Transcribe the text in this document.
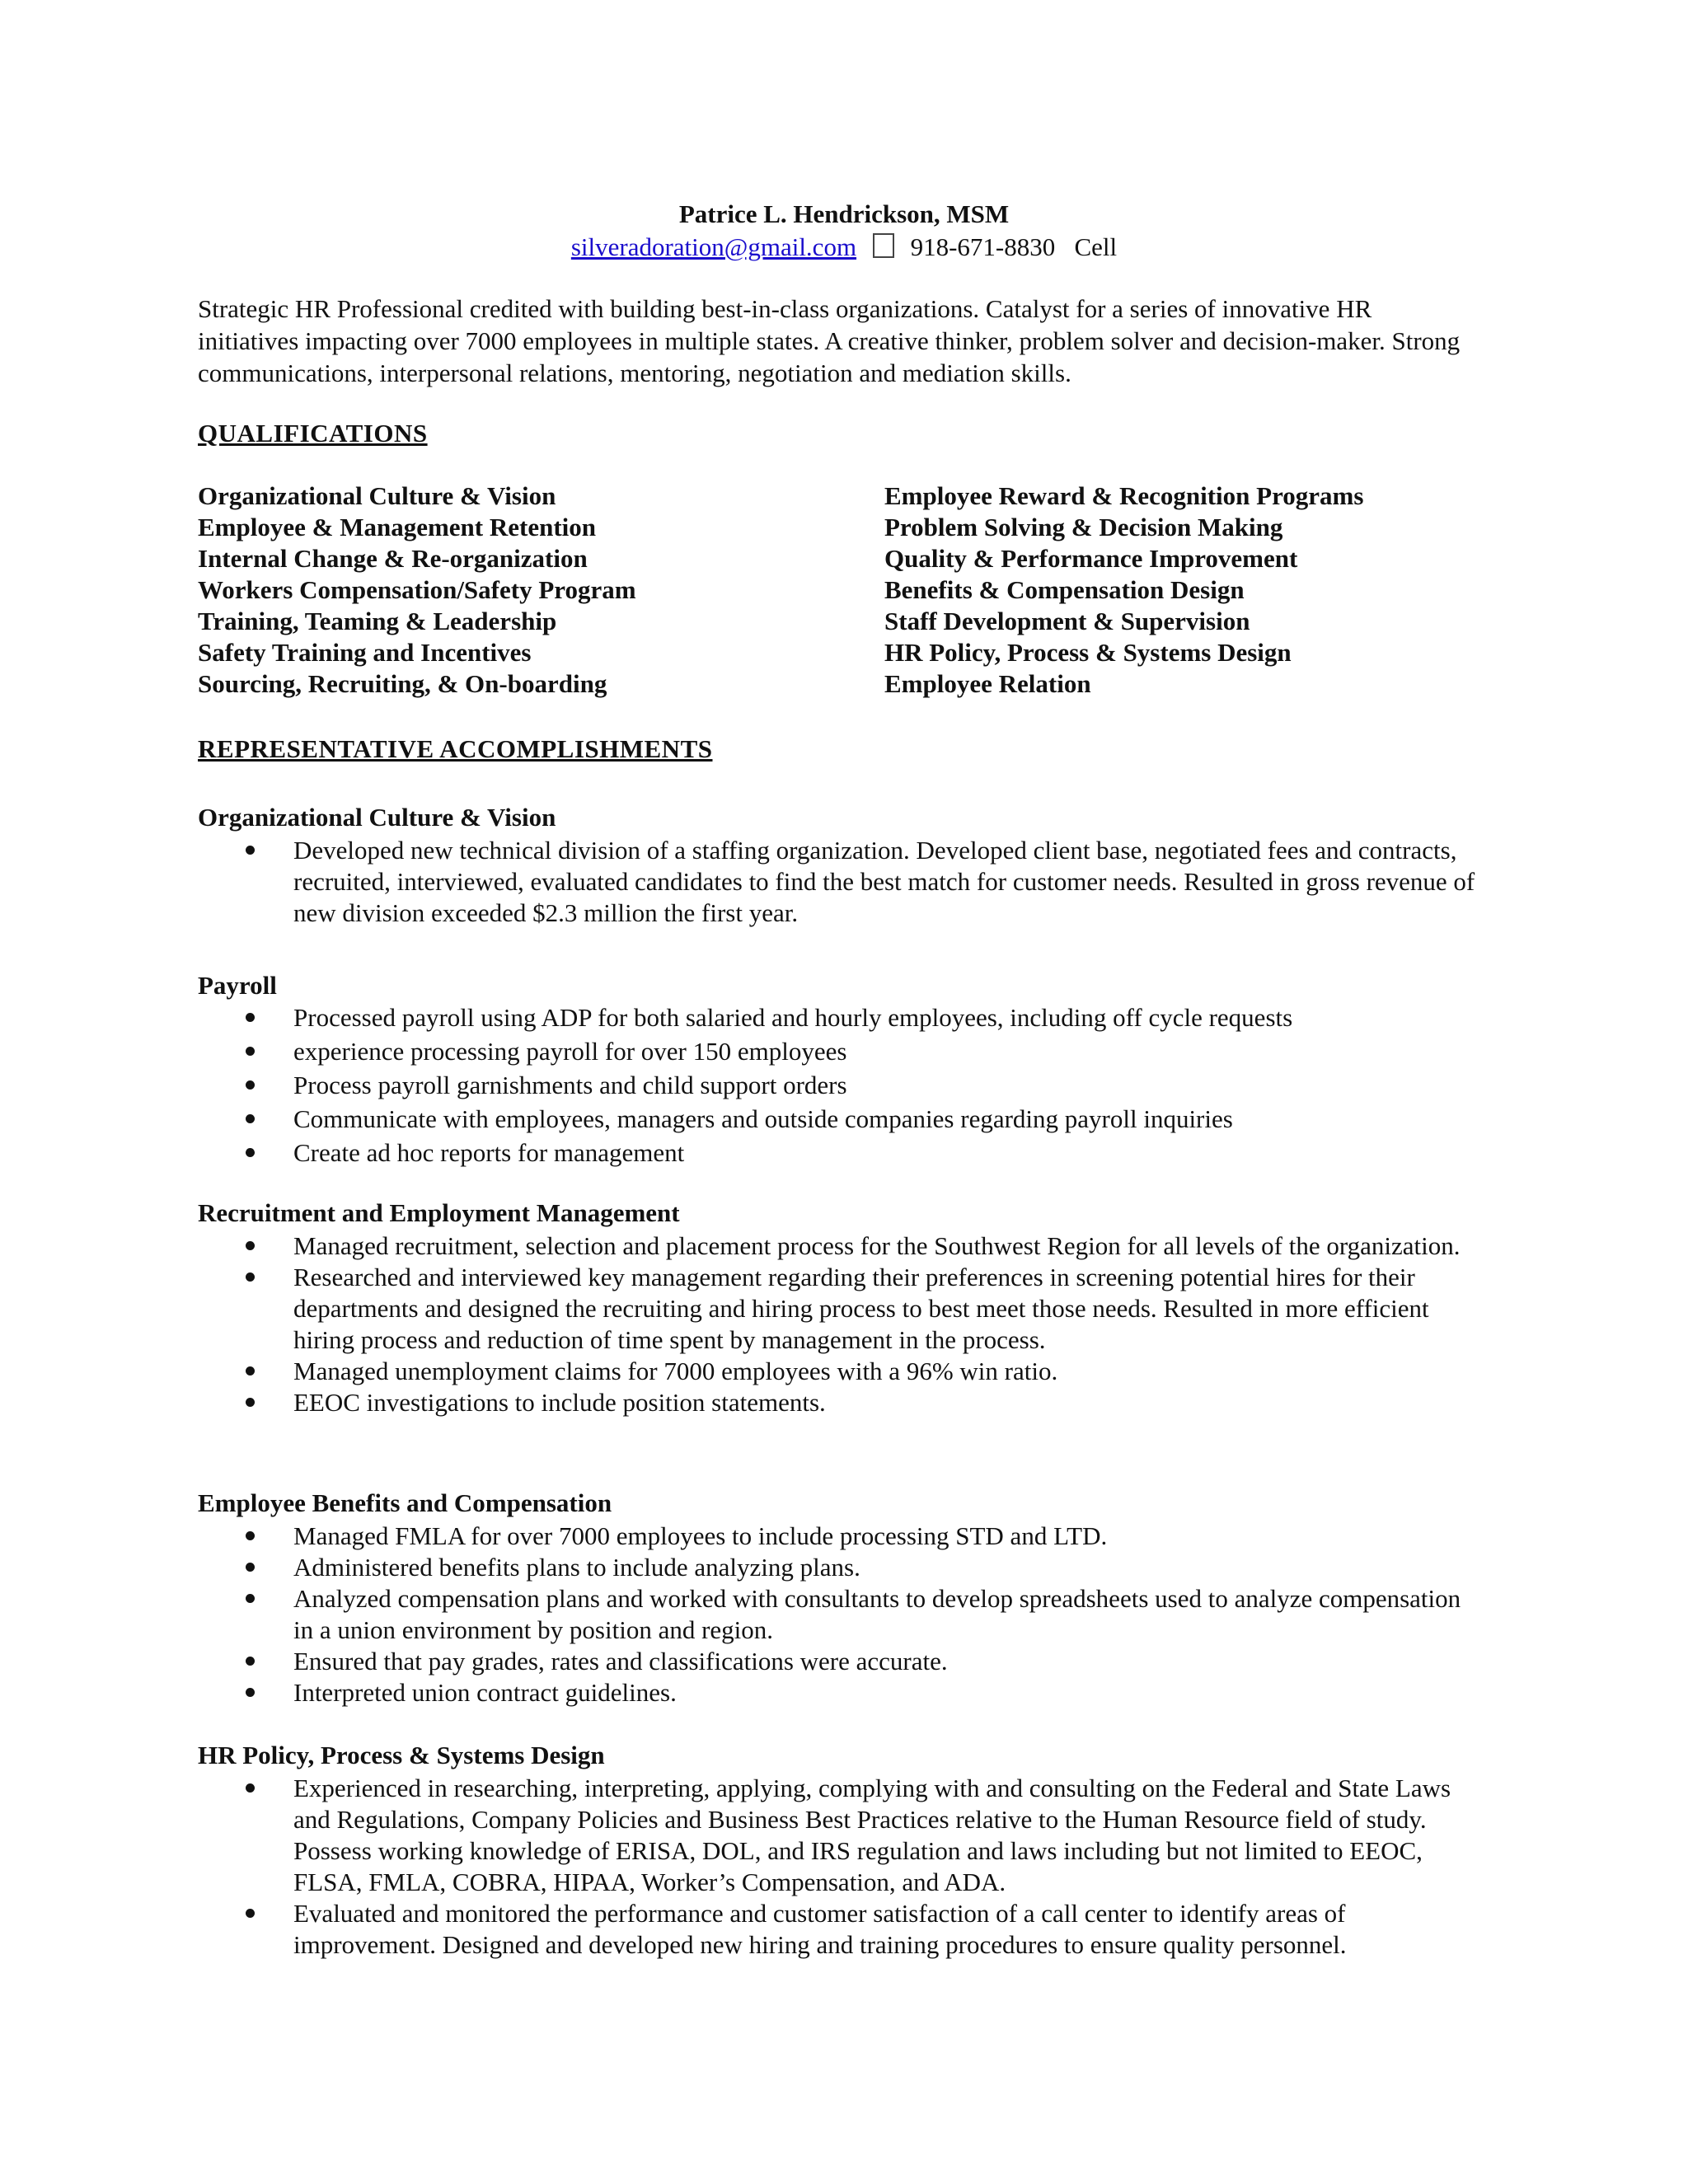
Patrice L. Hendrickson, MSM
silveradoration@gmail.com 918-671-8830 Cell
Strategic HR Professional credited with building best-in-class organizations. Catalyst for a series of innovative HR initiatives impacting over 7000 employees in multiple states. A creative thinker, problem solver and decision-maker. Strong communications, interpersonal relations, mentoring, negotiation and mediation skills.
QUALIFICATIONS
Organizational Culture & Vision
Employee & Management Retention
Internal Change & Re-organization
Workers Compensation/Safety Program
Training, Teaming & Leadership
Safety Training and Incentives
Sourcing, Recruiting, & On-boarding
Employee Reward & Recognition Programs
Problem Solving & Decision Making
Quality & Performance Improvement
Benefits & Compensation Design
Staff Development & Supervision
HR Policy, Process & Systems Design
Employee Relation
REPRESENTATIVE ACCOMPLISHMENTS
Organizational Culture & Vision
Developed new technical division of a staffing organization. Developed client base, negotiated fees and contracts, recruited, interviewed, evaluated candidates to find the best match for customer needs. Resulted in gross revenue of new division exceeded $2.3 million the first year.
Payroll
Processed payroll using ADP for both salaried and hourly employees, including off cycle requests
experience processing payroll for over 150 employees
Process payroll garnishments and child support orders
Communicate with employees, managers and outside companies regarding payroll inquiries
Create ad hoc reports for management
Recruitment and Employment Management
Managed recruitment, selection and placement process for the Southwest Region for all levels of the organization.
Researched and interviewed key management regarding their preferences in screening potential hires for their departments and designed the recruiting and hiring process to best meet those needs. Resulted in more efficient hiring process and reduction of time spent by management in the process.
Managed unemployment claims for 7000 employees with a 96% win ratio.
EEOC investigations to include position statements.
Employee Benefits and Compensation
Managed FMLA for over 7000 employees to include processing STD and LTD.
Administered benefits plans to include analyzing plans.
Analyzed compensation plans and worked with consultants to develop spreadsheets used to analyze compensation in a union environment by position and region.
Ensured that pay grades, rates and classifications were accurate.
Interpreted union contract guidelines.
HR Policy, Process & Systems Design
Experienced in researching, interpreting, applying, complying with and consulting on the Federal and State Laws and Regulations, Company Policies and Business Best Practices relative to the Human Resource field of study. Possess working knowledge of ERISA, DOL, and IRS regulation and laws including but not limited to EEOC, FLSA, FMLA, COBRA, HIPAA, Worker’s Compensation, and ADA.
Evaluated and monitored the performance and customer satisfaction of a call center to identify areas of improvement. Designed and developed new hiring and training procedures to ensure quality personnel.
